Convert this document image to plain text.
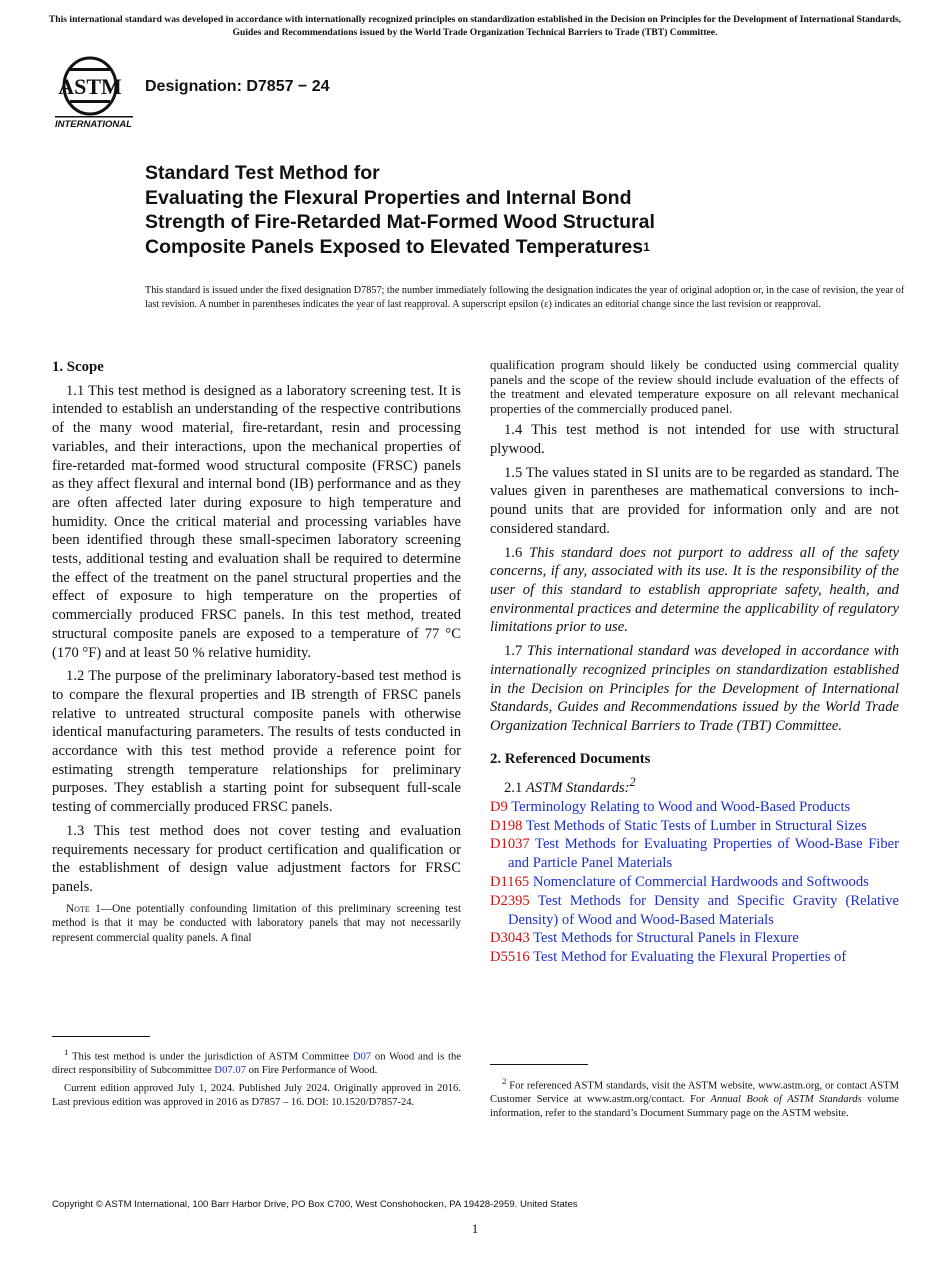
This international standard was developed in accordance with internationally recognized principles on standardization established in the Decision on Principles for the Development of International Standards, Guides and Recommendations issued by the World Trade Organization Technical Barriers to Trade (TBT) Committee.
ASTM
INTERNATIONAL
Designation: D7857 − 24
Standard Test Method for
Evaluating the Flexural Properties and Internal Bond
Strength of Fire-Retarded Mat-Formed Wood Structural
Composite Panels Exposed to Elevated Temperatures$^1$
This standard is issued under the fixed designation D7857; the number immediately following the designation indicates the year of original adoption or, in the case of revision, the year of last revision. A number in parentheses indicates the year of last reapproval. A superscript epsilon (ε) indicates an editorial change since the last revision or reapproval.

1. Scope

1.1 This test method is designed as a laboratory screening test. It is intended to establish an understanding of the respective contributions of the many wood material, fire-retardant, resin and processing variables, and their interactions, upon the mechanical properties of fire-retarded mat-formed wood structural composite (FRSC) panels as they affect flexural and internal bond (IB) performance and as they are often affected later during exposure to high temperature and humidity. Once the critical material and processing variables have been identified through these small-specimen laboratory screening tests, additional testing and evaluation shall be required to determine the effect of the treatment on the panel structural properties and the effect of exposure to high temperature on the properties of commercially produced FRSC panels. In this test method, treated structural composite panels are exposed to a temperature of 77 °C (170 °F) and at least 50 % relative humidity.

1.2 The purpose of the preliminary laboratory-based test method is to compare the flexural properties and IB strength of FRSC panels relative to untreated structural composite panels with otherwise identical manufacturing parameters. The results of tests conducted in accordance with this test method provide a reference point for estimating strength temperature relationships for preliminary purposes. They establish a starting point for subsequent full-scale testing of commercially produced FRSC panels.

1.3 This test method does not cover testing and evaluation requirements necessary for product certification and qualification or the establishment of design value adjustment factors for FRSC panels.

Note 1—One potentially confounding limitation of this preliminary screening test method is that it may be conducted with laboratory panels that may not necessarily represent commercial quality panels. A final

$^1$ This test method is under the jurisdiction of ASTM Committee D07 on Wood and is the direct responsibility of Subcommittee D07.07 on Fire Performance of Wood.

Current edition approved July 1, 2024. Published July 2024. Originally approved in 2016. Last previous edition was approved in 2016 as D7857 – 16. DOI: 10.1520/D7857-24.

qualification program should likely be conducted using commercial quality panels and the scope of the review should include evaluation of the effects of the treatment and elevated temperature exposure on all relevant mechanical properties of the commercially produced panel.

1.4 This test method is not intended for use with structural plywood.

1.5 The values stated in SI units are to be regarded as standard. The values given in parentheses are mathematical conversions to inch-pound units that are provided for information only and are not considered standard.

1.6 This standard does not purport to address all of the safety concerns, if any, associated with its use. It is the responsibility of the user of this standard to establish appropriate safety, health, and environmental practices and determine the applicability of regulatory limitations prior to use.

1.7 This international standard was developed in accordance with internationally recognized principles on standardization established in the Decision on Principles for the Development of International Standards, Guides and Recommendations issued by the World Trade Organization Technical Barriers to Trade (TBT) Committee.

2. Referenced Documents

2.1 ASTM Standards:$^2$

D9 Terminology Relating to Wood and Wood-Based Products

D198 Test Methods of Static Tests of Lumber in Structural Sizes

D1037 Test Methods for Evaluating Properties of Wood-Base Fiber and Particle Panel Materials

D1165 Nomenclature of Commercial Hardwoods and Softwoods

D2395 Test Methods for Density and Specific Gravity (Relative Density) of Wood and Wood-Based Materials

D3043 Test Methods for Structural Panels in Flexure

D5516 Test Method for Evaluating the Flexural Properties of

$^2$ For referenced ASTM standards, visit the ASTM website, www.astm.org, or contact ASTM Customer Service at www.astm.org/contact. For Annual Book of ASTM Standards volume information, refer to the standard’s Document Summary page on the ASTM website.

Copyright © ASTM International, 100 Barr Harbor Drive, PO Box C700, West Conshohocken, PA 19428-2959. United States
1
